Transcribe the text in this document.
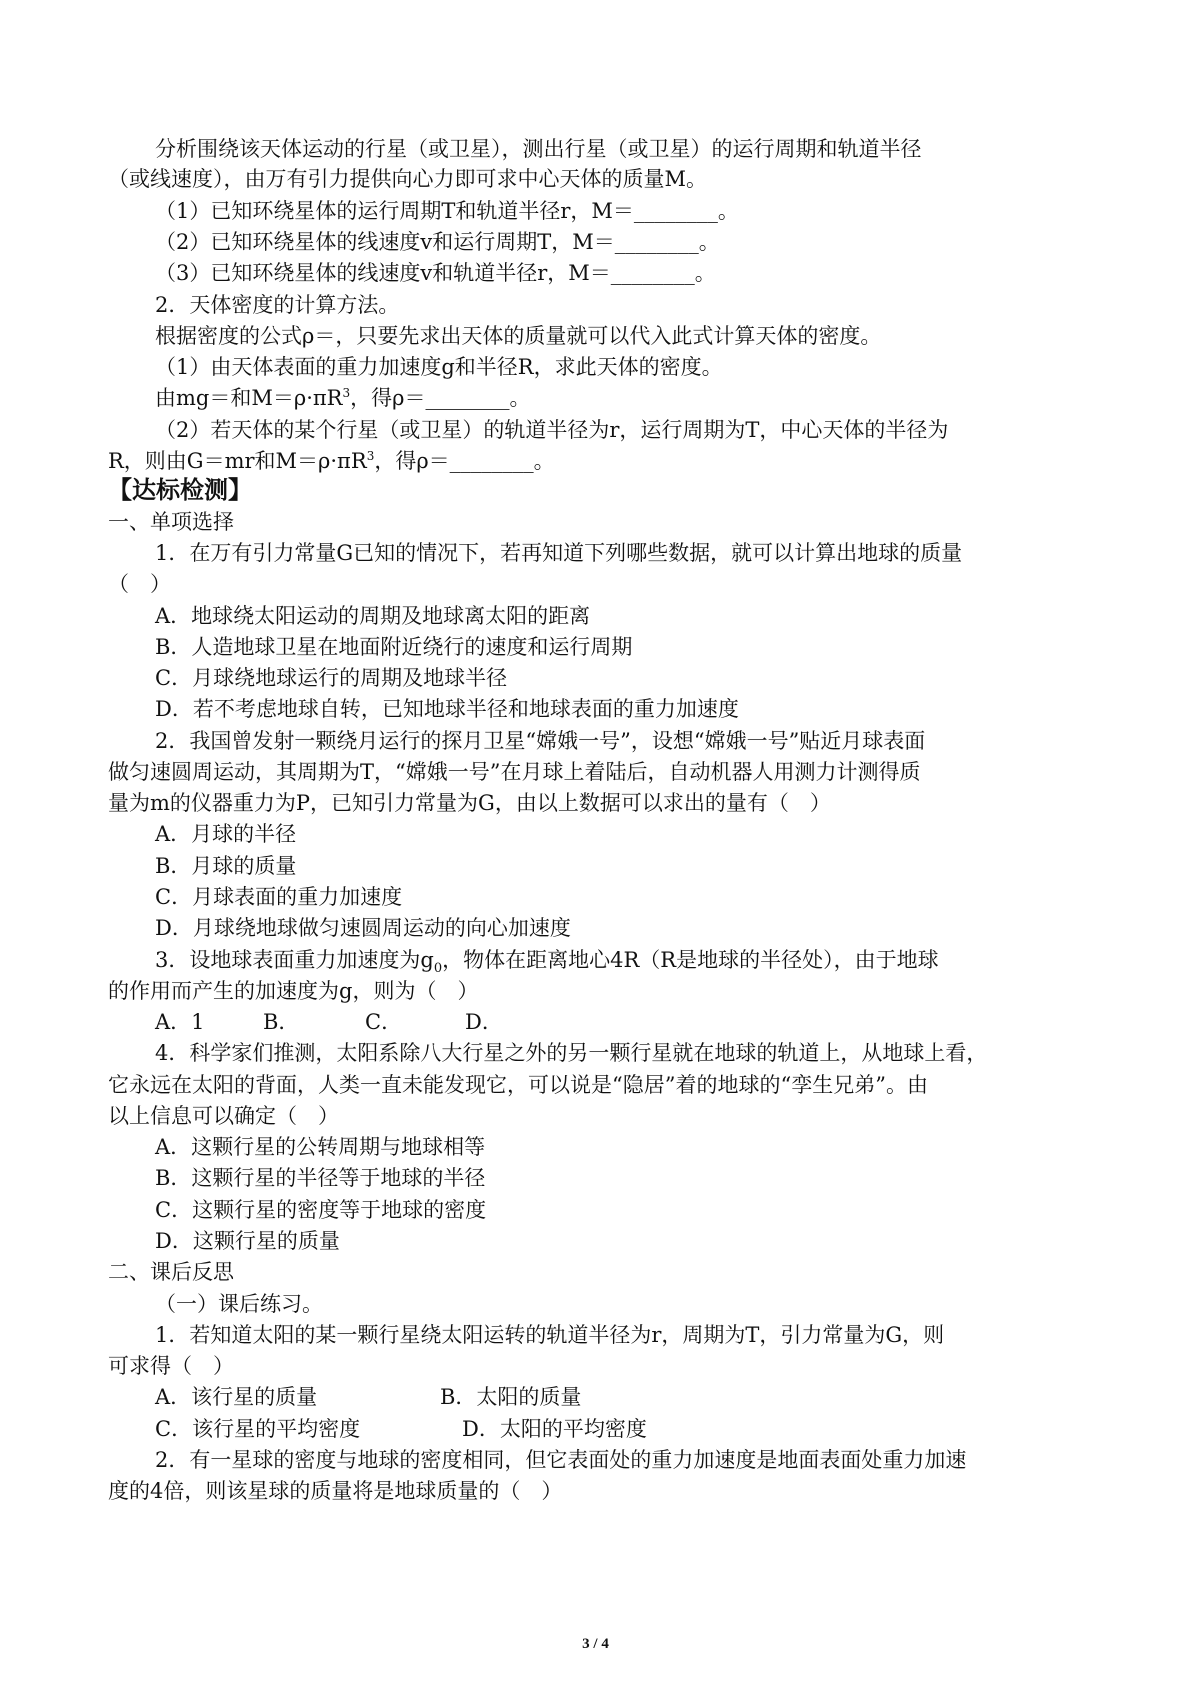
分析围绕该天体运动的行星（或卫星），测出行星（或卫星）的运行周期和轨道半径
（或线速度），由万有引力提供向心力即可求中心天体的质量M。
（1）已知环绕星体的运行周期T和轨道半径r，M＝________。
（2）已知环绕星体的线速度v和运行周期T，M＝________。
（3）已知环绕星体的线速度v和轨道半径r，M＝________。
2．天体密度的计算方法。
根据密度的公式ρ＝，只要先求出天体的质量就可以代入此式计算天体的密度。
（1）由天体表面的重力加速度g和半径R，求此天体的密度。
由mg＝和$M=\rho\cdot\pi R^3$，得ρ＝________。
（2）若天体的某个行星（或卫星）的轨道半径为r，运行周期为T，中心天体的半径为
R，则由G＝mr和$M=\rho\cdot\pi R^3$，得ρ＝________。
【达标检测】
一、单项选择
1．在万有引力常量G已知的情况下，若再知道下列哪些数据，就可以计算出地球的质量
（　）
A．地球绕太阳运动的周期及地球离太阳的距离
B．人造地球卫星在地面附近绕行的速度和运行周期
C．月球绕地球运行的周期及地球半径
D．若不考虑地球自转，已知地球半径和地球表面的重力加速度
2．我国曾发射一颗绕月运行的探月卫星“嫦娥一号”，设想“嫦娥一号”贴近月球表面
做匀速圆周运动，其周期为T，“嫦娥一号”在月球上着陆后，自动机器人用测力计测得质
量为m的仪器重力为P，已知引力常量为G，由以上数据可以求出的量有（　）
A．月球的半径
B．月球的质量
C．月球表面的重力加速度
D．月球绕地球做匀速圆周运动的向心加速度
3．设地球表面重力加速度为$g_0$，物体在距离地心4R（R是地球的半径处），由于地球
的作用而产生的加速度为g，则为（　）
A．1	B．	C．	D．
4．科学家们推测，太阳系除八大行星之外的另一颗行星就在地球的轨道上，从地球上看，
它永远在太阳的背面，人类一直未能发现它，可以说是“隐居”着的地球的“孪生兄弟”。由
以上信息可以确定（　）
A．这颗行星的公转周期与地球相等
B．这颗行星的半径等于地球的半径
C．这颗行星的密度等于地球的密度
D．这颗行星的质量
二、课后反思
（一）课后练习。
1．若知道太阳的某一颗行星绕太阳运转的轨道半径为r，周期为T，引力常量为G，则
可求得（　）
A．该行星的质量	B．太阳的质量
C．该行星的平均密度	D．太阳的平均密度
2．有一星球的密度与地球的密度相同，但它表面处的重力加速度是地面表面处重力加速
度的4倍，则该星球的质量将是地球质量的（　）
3 / 4
